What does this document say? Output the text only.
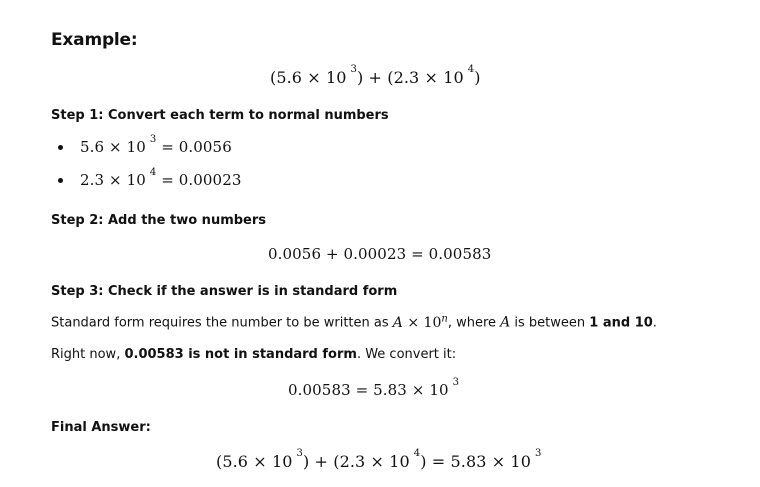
Example:
(5.6 × 10 $^3$) + (2.3 × 10 $^4$)
Step 1: Convert each term to normal numbers
5.6 × 10 $^3$ = 0.0056
2.3 × 10 $^4$ = 0.00023
Step 2: Add the two numbers
0.0056 + 0.00023 = 0.00583
Step 3: Check if the answer is in standard form
Standard form requires the number to be written as $A \times 10^n$, where A is between 1 and 10.
Right now, 0.00583 is not in standard form. We convert it:
0.00583 = 5.83 × 10 $^3$
Final Answer:
(5.6 × 10 $^3$) + (2.3 × 10 $^4$) = 5.83 × 10 $^3$
